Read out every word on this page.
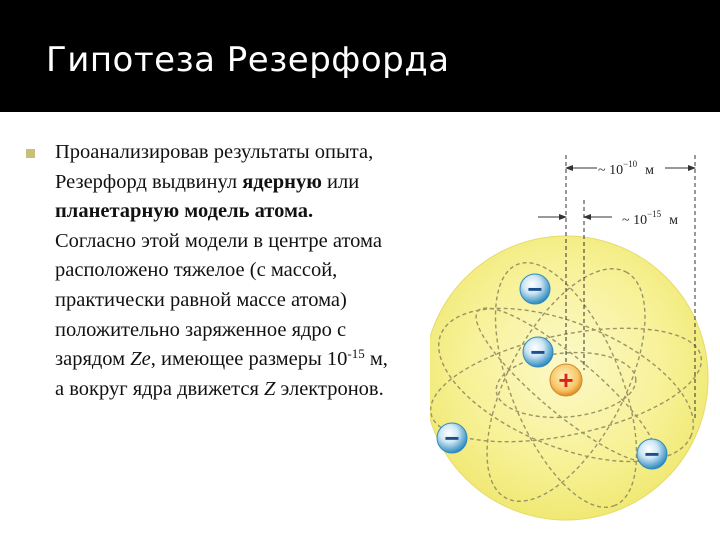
Гипотеза Резерфорда
Проанализировав результаты опыта,
Резерфорд выдвинул ядерную или
планетарную модель атома.
Согласно этой модели в центре атома
расположено тяжелое (с массой,
практически равной массе атома)
положительно заряженное ядро с
зарядом Ze, имеющее размеры $10^{-15}$ м,
а вокруг ядра движется Z электронов.
~ $10^{-10}$ м
~ $10^{-15}$ м
+
−
−
−
−
